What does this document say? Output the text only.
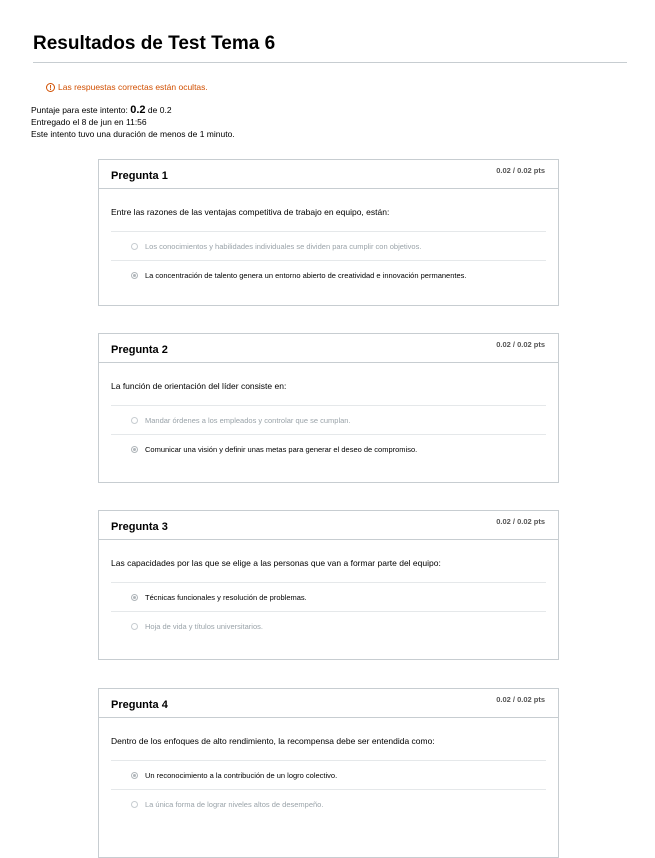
Resultados de Test Tema 6
! Las respuestas correctas están ocultas.
Puntaje para este intento: 0.2 de 0.2
Entregado el 8 de jun en 11:56
Este intento tuvo una duración de menos de 1 minuto.
Pregunta 1	0.02 / 0.02 pts
Entre las razones de las ventajas competitiva de trabajo en equipo, están:
Los conocimientos y habilidades individuales se dividen para cumplir con objetivos.
La concentración de talento genera un entorno abierto de creatividad e innovación permanentes.
Pregunta 2	0.02 / 0.02 pts
La función de orientación del líder consiste en:
Mandar órdenes a los empleados y controlar que se cumplan.
Comunicar una visión y definir unas metas para generar el deseo de compromiso.
Pregunta 3	0.02 / 0.02 pts
Las capacidades por las que se elige a las personas que van a formar parte del equipo:
Técnicas funcionales y resolución de problemas.
Hoja de vida y títulos universitarios.
Pregunta 4	0.02 / 0.02 pts
Dentro de los enfoques de alto rendimiento, la recompensa debe ser entendida como:
Un reconocimiento a la contribución de un logro colectivo.
La única forma de lograr niveles altos de desempeño.
